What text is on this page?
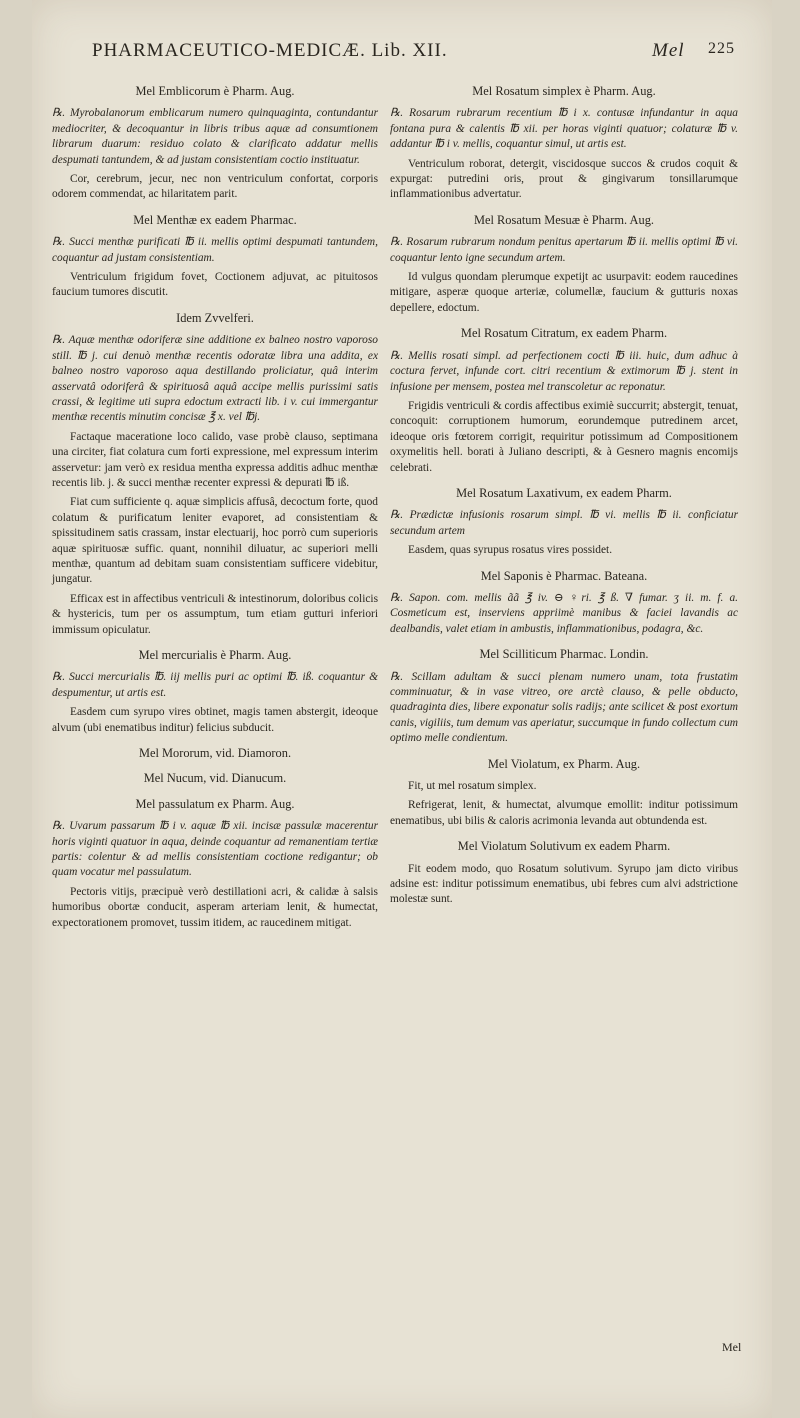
PHARMACEUTICO-MEDICÆ. Lib. XII.	Mel 225
Mel Emblicorum è Pharm. Aug.
℞. Myrobalanorum emblicarum numero quinquaginta, contundantur mediocriter, & decoquantur in libris tribus aquæ ad consumtionem librarum duarum: residuo colato & clarificato addatur mellis despumati tantundem, & ad justam consistentiam coctio instituatur.
Cor, cerebrum, jecur, nec non ventriculum confortat, corporis odorem commendat, ac hilaritatem parit.
Mel Menthæ ex eadem Pharmac.
℞. Succi menthæ purificati ℔ ii. mellis optimi despumati tantundem, coquantur ad justam consistentiam.
Ventriculum frigidum fovet, Coctionem adjuvat, ac pituitosos faucium tumores discutit.
Idem Zvvelferi.
℞. Aquæ menthæ odoriferæ sine additione ex balneo nostro vaporoso still. ℔ j. cui denuò menthæ recentis odoratæ libra una addita, ex balneo nostro vaporoso aqua destillando proliciatur, quâ interim asservatâ odoriferâ & spirituosâ aquâ accipe mellis purissimi satis crassi, & legitime uti supra edoctum extracti lib. i v. cui immergantur menthæ recentis minutim concisæ ℥ x. vel ℔j.
Factaque maceratione loco calido, vase probè clauso, septimana una circiter, fiat colatura cum forti expressione, mel expressum interim asservetur: jam verò ex residua mentha expressa additis adhuc menthæ recentis lib. j. & succi menthæ recenter expressi & depurati ℔ iß.
Fiat cum sufficiente q. aquæ simplicis affusâ, decoctum forte, quod colatum & purificatum leniter evaporet, ad consistentiam & spissitudinem satis crassam, instar electuarij, hoc porrò cum superioris aquæ spirituosæ suffic. quant, nonnihil diluatur, ac superiori melli menthæ, quantum ad debitam suam consistentiam sufficere videbitur, jungatur.
Efficax est in affectibus ventriculi & intestinorum, doloribus colicis & hystericis, tum per os assumptum, tum etiam gutturi inferiori immissum opiculatur.
Mel mercurialis è Pharm. Aug.
℞. Succi mercurialis ℔. iij mellis puri ac optimi ℔. iß. coquantur & despumentur, ut artis est.
Easdem cum syrupo vires obtinet, magis tamen abstergit, ideoque alvum (ubi enematibus inditur) felicius subducit.
Mel Mororum, vid. Diamoron.
Mel Nucum, vid. Dianucum.
Mel passulatum ex Pharm. Aug.
℞. Uvarum passarum ℔ i v. aquæ ℔ xii. incisæ passulæ macerentur horis viginti quatuor in aqua, deinde coquantur ad remanentiam tertiæ partis: colentur & ad mellis consistentiam coctione redigantur; ob quam vocatur mel passulatum.
Pectoris vitijs, præcipuè verò destillationi acri, & calidæ à salsis humoribus obortæ conducit, asperam arteriam lenit, & humectat, expectorationem promovet, tussim itidem, ac raucedinem mitigat.
Mel Rosatum simplex è Pharm. Aug.
℞. Rosarum rubrarum recentium ℔ i x. contusæ infundantur in aqua fontana pura & calentis ℔ xii. per horas viginti quatuor; colaturæ ℔ v. addantur ℔ i v. mellis, coquantur simul, ut artis est.
Ventriculum roborat, detergit, viscidosque succos & crudos coquit & expurgat: putredini oris, prout & gingivarum tonsillarumque inflammationibus advertatur.
Mel Rosatum Mesuæ è Pharm. Aug.
℞. Rosarum rubrarum nondum penitus apertarum ℔ ii. mellis optimi ℔ vi. coquantur lento igne secundum artem.
Id vulgus quondam plerumque expetijt ac usurpavit: eodem raucedines mitigare, asperæ quoque arteriæ, columellæ, faucium & gutturis noxas depellere, edoctum.
Mel Rosatum Citratum, ex eadem Pharm.
℞. Mellis rosati simpl. ad perfectionem cocti ℔ iii. huic, dum adhuc à coctura fervet, infunde cort. citri recentium & extimorum ℔ j. stent in infusione per mensem, postea mel transcoletur ac reponatur.
Frigidis ventriculi & cordis affectibus eximiè succurrit; abstergit, tenuat, concoquit: corruptionem humorum, eorundemque putredinem arcet, ideoque oris fœtorem corrigit, requiritur potissimum ad Compositionem oxymelitis hell. borati à Juliano descripti, & à Gesnero magnis encomijs celebrati.
Mel Rosatum Laxativum, ex eadem Pharm.
℞. Prædictæ infusionis rosarum simpl. ℔ vi. mellis ℔ ii. conficiatur secundum artem
Easdem, quas syrupus rosatus vires possidet.
Mel Saponis è Pharmac. Bateana.
℞. Sapon. com. mellis ãã ℥ iv. ⊖ ♀ri. ℥ ß. ∇ fumar. ʒ ii. m. f. a. Cosmeticum est, inserviens appriimè manibus & faciei lavandis ac dealbandis, valet etiam in ambustis, inflammationibus, podagra, &c.
Mel Scilliticum Pharmac. Londin.
℞. Scillam adultam & succi plenam numero unam, tota frustatim comminuatur, & in vase vitreo, ore arctè clauso, & pelle obducto, quadraginta dies, libere exponatur solis radijs; ante scilicet & post exortum canis, vigiliis, tum demum vas aperiatur, succumque in fundo collectum cum optimo melle condientum.
Mel Violatum, ex Pharm. Aug.
Fit, ut mel rosatum simplex.
Refrigerat, lenit, & humectat, alvumque emollit: inditur potissimum enematibus, ubi bilis & caloris acrimonia levanda aut obtundenda est.
Mel Violatum Solutivum ex eadem Pharm.
Fit eodem modo, quo Rosatum solutivum. Syrupo jam dicto viribus adsine est: inditur potissimum enematibus, ubi febres cum alvi adstrictione molestæ sunt.
Mel
